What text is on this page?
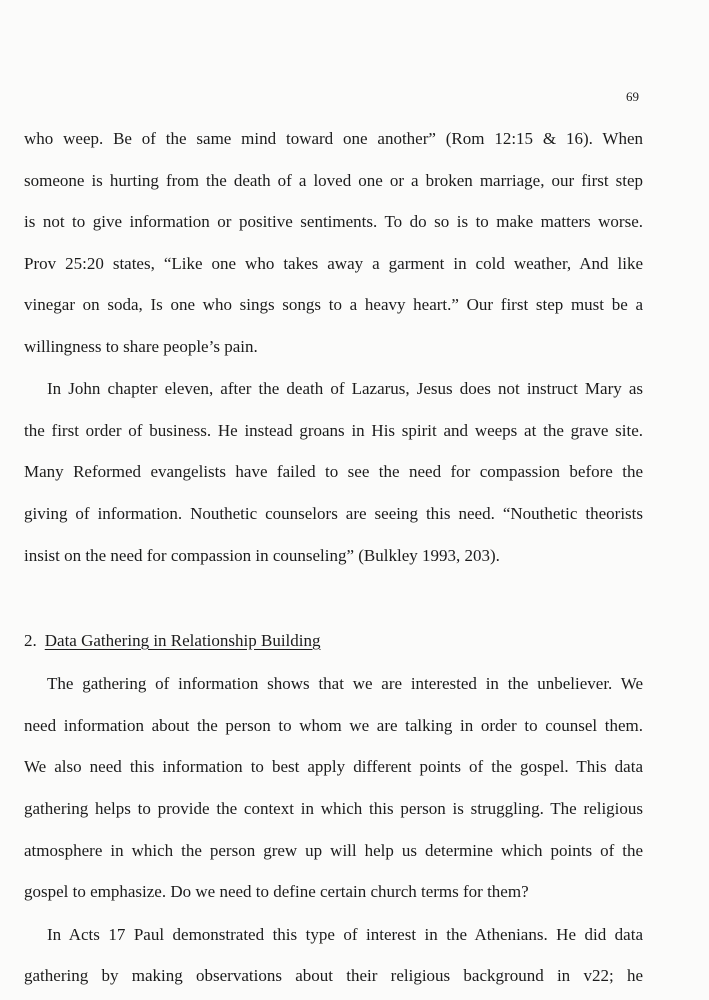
69
who weep. Be of the same mind toward one another” (Rom 12:15 & 16). When
someone is hurting from the death of a loved one or a broken marriage, our first step
is not to give information or positive sentiments. To do so is to make matters worse.
Prov 25:20 states, “Like one who takes away a garment in cold weather, And like
vinegar on soda, Is one who sings songs to a heavy heart.” Our first step must be a
willingness to share people’s pain.
In John chapter eleven, after the death of Lazarus, Jesus does not instruct Mary as
the first order of business. He instead groans in His spirit and weeps at the grave site.
Many Reformed evangelists have failed to see the need for compassion before the
giving of information. Nouthetic counselors are seeing this need. “Nouthetic theorists
insist on the need for compassion in counseling” (Bulkley 1993, 203).
2. Data Gathering in Relationship Building
The gathering of information shows that we are interested in the unbeliever. We
need information about the person to whom we are talking in order to counsel them.
We also need this information to best apply different points of the gospel. This data
gathering helps to provide the context in which this person is struggling. The religious
atmosphere in which the person grew up will help us determine which points of the
gospel to emphasize. Do we need to define certain church terms for them?
In Acts 17 Paul demonstrated this type of interest in the Athenians. He did data
gathering by making observations about their religious background in v22; he
